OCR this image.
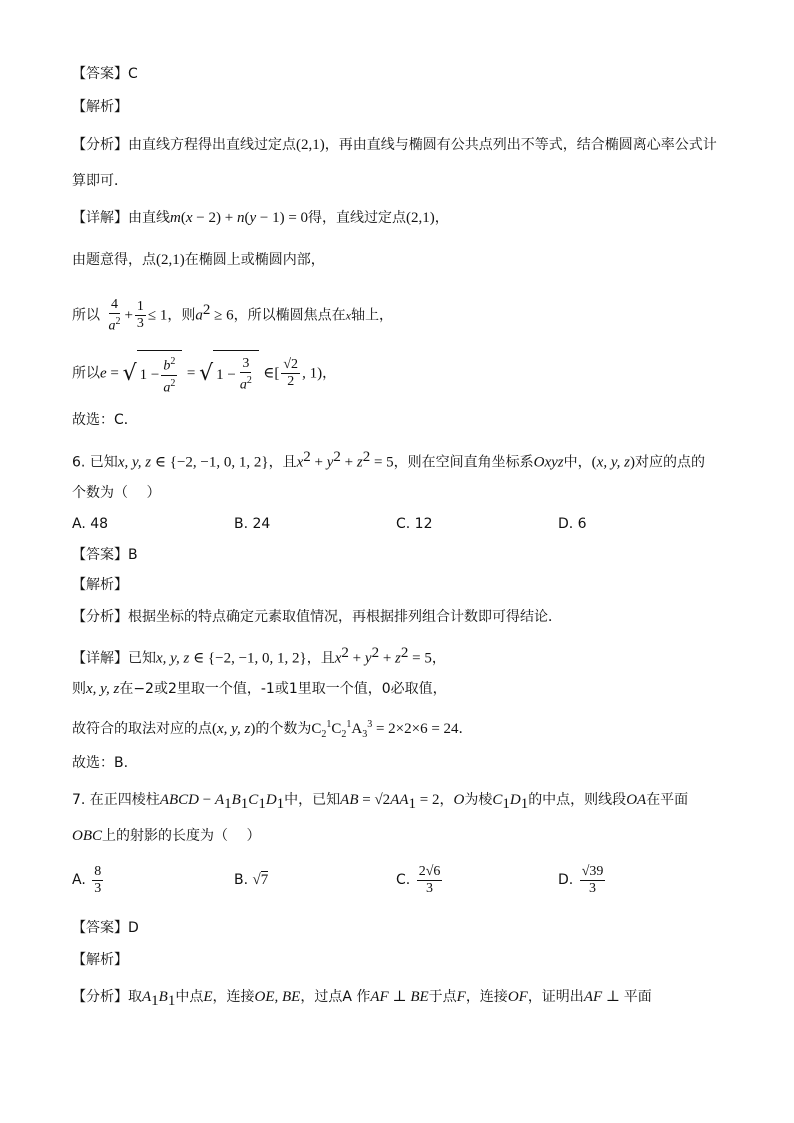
【答案】C
【解析】
【分析】由直线方程得出直线过定点(2,1)，再由直线与椭圆有公共点列出不等式，结合椭圆离心率公式计
算即可．
【详解】由直线m(x − 2) + n(y − 1) = 0得，直线过定点(2,1)，
由题意得，点(2,1)在椭圆上或椭圆内部，
所以 $\frac{4}{a^2} + \frac{1}{3} \le 1$，则$a^2 \ge 6$，所以椭圆焦点在x轴上，
所以e = √ $1 - \frac{b^2}{a^2}$ = √ $1 - \frac{3}{a^2}$ ∈[ $\frac{√2}{2}$ , 1)，
故选：C．
6. 已知x, y, z ∈ {−2, −1, 0, 1, 2}，且$x^2 + y^2 + z^2 = 5$，则在空间直角坐标系Oxyz中，(x, y, z)对应的点的
个数为（　 ）
A. 48	B. 24	C. 12	D. 6
【答案】B
【解析】
【分析】根据坐标的特点确定元素取值情况，再根据排列组合计数即可得结论．
【详解】已知x, y, z ∈ {−2, −1, 0, 1, 2}，且$x^2 + y^2 + z^2 = 5$，
则x, y, z在−2或2里取一个值，-1或1里取一个值，0必取值，
故符合的取法对应的点(x, y, z)的个数为$C_2^1C_2^1A_3^3 = 2\times 2\times 6 = 24$．
故选：B.
7. 在正四棱柱ABCD − $A_1B_1C_1D_1$中，已知AB = $√2AA_1 = 2$，O为棱$C_1D_1$的中点，则线段OA在平面
OBC上的射影的长度为（　 ）
A. $\frac{8}{3}$	B. √7	C. $\frac{2√6}{3}$	D. $\frac{√39}{3}$
【答案】D
【解析】
【分析】取$A_1B_1$中点E，连接OE, BE，过点A 作AF ⊥ BE于点F，连接OF，证明出AF ⊥ 平面
